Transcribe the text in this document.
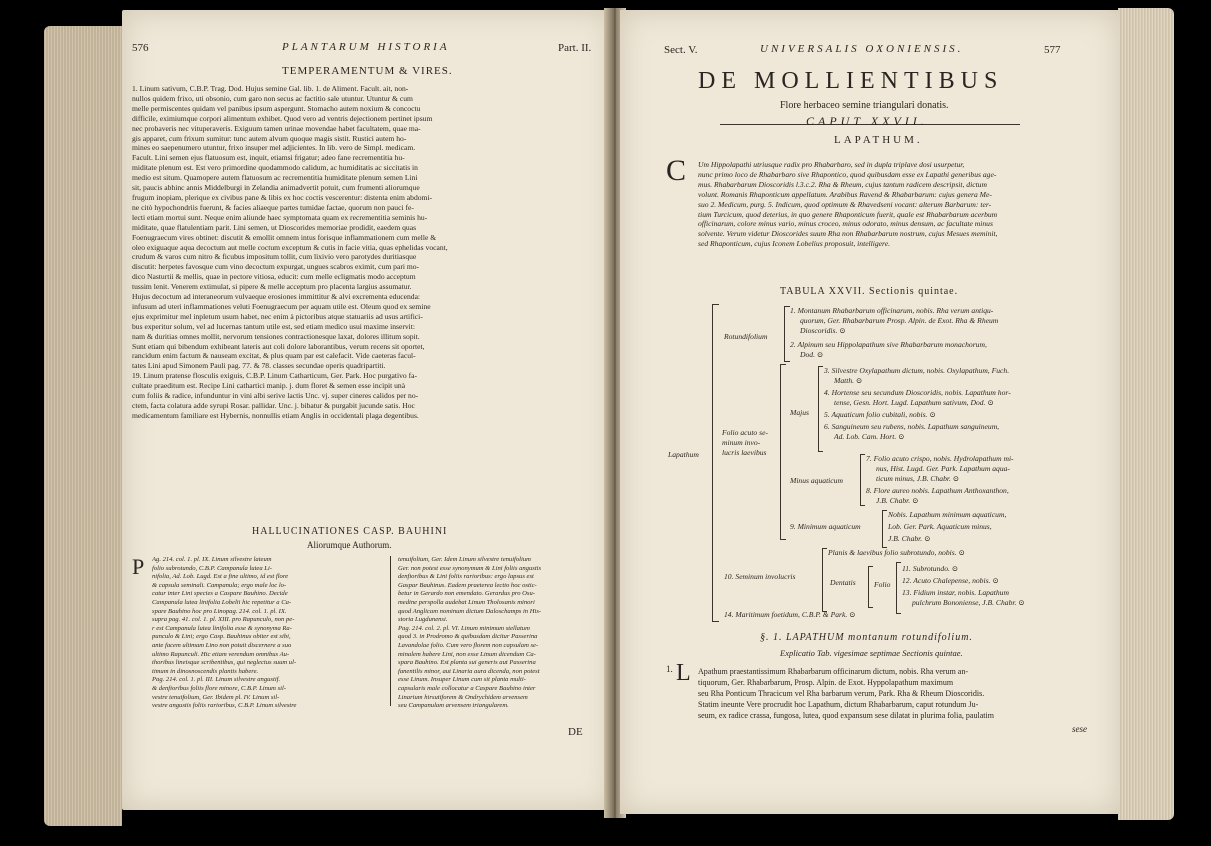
576	PLANTARUM HISTORIA	Part. II.
TEMPERAMENTUM & VIRES.
1. Linum sativum, C.B.P. Trag. Dod. Hujus semine Gal. lib. 1. de Aliment. Facult. ait, non-
nullos quidem frixo, uti obsonio, cum garo non secus ac factitio sale utuntur. Utuntur & cum
melle permiscentes quidam vel panibus ipsum aspergunt. Stomacho autem noxium & concoctu
difficile, eximiumque corpori alimentum exhibet. Quod vero ad ventris dejectionem pertinet ipsum
nec probaveris nec vituperaveris. Exiguum tamen urinae movendae habet facultatem, quae ma-
gis apparet, cum frixum sumitur: tunc autem alvum quoque magis sistit. Rustici autem ho-
mines eo saepenumero utuntur, frixo insuper mel adjicientes. In lib. vero de Simpl. medicam.
Facult. Lini semen ejus flatuosum est, inquit, etiamsi frigatur; adeo fane recrementitia hu-
miditate plenum est. Est vero primordine quodammodo calidum, ac humiditatis ac siccitatis in
medio est situm. Quamopere autem flatuosum ac recrementitia humiditate plenum semen Lini
sit, paucis abhinc annis Middelburgi in Zelandia animadvertit potuit, cum frumenti aliorumque
frugum inopiam, plerique ex civibus pane & libis ex hoc coctis vescerentur: distenta enim abdomi-
ne citò hypochondriis fuerunt, & facies aliaeque partes tumidae factae, quorum non pauci fe-
lecti etiam mortui sunt. Neque enim aliunde haec symptomata quam ex recrementitia seminis hu-
miditate, quae flatulentiam parit. Lini semen, ut Dioscorides memoriae prodidit, eaedem quas
Foenugraecum vires obtinet: discutit & emollit omnem intus forisque inflammationem cum melle &
oleo exiguaque aqua decoctum aut melle coctum exceptum & cutis in facie vitia, quas ephelidas vocant,
crudum & varos cum nitro & ficubus impositum tollit, cum lixivio vero parotydes duritiasque
discutit: herpetes favosque cum vino decoctum expurgat, ungues scabros eximit, cum pari mo-
dico Nasturtii & mellis, quae in pectore vitiosa, educit: cum melle ecligmatis modo acceptum
tussim lenit. Venerem extimulat, si pipere & melle acceptum pro placenta largius assumatur.
Hujus decoctum ad interaneorum vulvaeque erosiones immittitur & alvi excrementa educenda:
infusum ad uteri inflammationes veluti Foenugraecum per aquam utile est. Oleum quod ex semine
ejus exprimitur mel inpletum usum habet, nec enim à pictoribus atque statuariis ad usus artifici-
bus experitur solum, vel ad lucernas tantum utile est, sed etiam medico usui maxime inservit:
nam & duritias omnes mollit, nervorum tensiones contractionesque laxat, dolores illitum sopit.
Sunt etiam qui bibendum exhibeant lateris aut coli dolore laborantibus, verum recens sit oportet,
rancidum enim factum & nauseam excitat, & plus quam par est calefacit. Vide caeteras facul-
tates Lini apud Simonem Pauli pag. 77. & 78. classes secundae operis quadripartiti.
19. Linum pratense flosculis exiguis, C.B.P. Linum Catharticum, Ger. Park. Hoc purgativo fa-
cultate praeditum est. Recipe Lini cathartici manip. j. dum floret & semen esse incipit unà
cum foliis & radice, infunduntur in vini albi serive lactis Unc. vj. super cineres calidos per no-
ctem, facta colatura adde syrupi Rosar. pallidar. Unc. j. bibatur & purgabit jucunde satis. Hoc
medicamentum familiare est Hybernis, nonnullis etiam Anglis in occidentali plaga degentibus.
HALLUCINATIONES CASP. BAUHINI
Aliorumque Authorum.
P Ag. 214. col. 1. pl. IX. Linum silvestre lateum
folio subrotundo, C.B.P. Campanula lutea Li-
nifolia, Ad. Lob. Lugd. Est a fine ultimo, id est flore
& capsula seminali. Campanula; ergo male loc lo-
catur inter Lini species a Caspare Bauhino. Decide
Campanula lutea linifolia Lobelii hic repetitur a Ca-
spare Bauhino hoc pro Linopag. 214. col. 1. pl. IX.
supra pag. 41. col. 1. pl. XIII. pro Rapunculo, non pe-
r est Campanula lutea linifolia esse & synonyma Ra-
punculo & Lini; ergo Casp. Bauhinus obiter est sibi,
ante facem ultimam Lino non potuit discernere a suo
ultimo Rapunculi. Hic etiam verendum omnibus Au-
thoribus lineisque scribentibus, qui neglectus suum ul-
timum in dinosnoscendis plantis habere.
Pag. 214. col. 1. pl. III. Linum silvestre angustif.
& denfioribus foliis flore minore, C.B.P. Linum sil-
vestre tenuifolium, Ger. Ibidem pl. IV. Linum sil-
vestre angustis foliis rarioribus, C.B.P. Linum silvestre
tenuifolium, Ger. Idem Linum silvestre tenuifolium
Ger. non potest esse synonymum & Lini foliis angustis
denfioribus & Lini foliis rarioribus: ergo lapsus est
Gaspar Bauhinus. Eadem praeterea lectio hoc ostic-
betur in Gerardo non emendato. Gerardus pro Osu-
medine perspolla audebat Linum Tholosanis minori
quod Anglicam nominum dictum Daloschamps in His-
storia Lugdunensi.
Pag. 214. col. 2. pl. VI. Linum minimum stellatum
quod 3. in Prodromo & quibusdam dicitur Passerina
Lavandolae folio. Cum vero florem non capsulam se-
minalem habere Lini, non esse Linum dicendum Ca-
spara Bauhino. Est planta sui generis aut Passerina
fanentilis minor, aut Linaria aura dicenda, non potest
esse Linum. Insuper Linum cum sit planta multi-
capsularis male collocatur a Caspare Bauhino inter
Linarium hirsutiforem & Ondrychidem arvensem
seu Campanulam arvensem triangularem.
DE
Sect. V.	UNIVERSALIS OXONIENSIS.	577
DE MOLLIENTIBUS
Flore herbaceo semine triangulari donatis.
CAPUT XXVII.
LAPATHUM.
C Um Hippolapathi utriusque radix pro Rhabarbaro, sed in dupla triplave dosi usurpetur,
nunc primo loco de Rhabarbaro sive Rhapontico, quod quibusdam esse ex Lapathi generibus age-
mus. Rhabarbarum Dioscoridis l.3.c.2. Rha & Rheum, cujus tantum radicem descripsit, dictum
volunt. Romanis Rhaponticum appellatum. Arabibus Ravend & Rhabarbarum: cujus genera Me-
suo 2. Medicum, purg. 5. Indicum, quod optimum & Rhavedseni vocant: alterum Barbarum: ter-
tium Turcicum, quod deterius, in quo genere Rhaponticum fuerit, quale est Rhabarbarum acerbum
officinarum, colore minus vario, minus croceo, minus odorato, minus densum, ac facultate minus
solvente. Verum videtur Dioscorides suum Rha non Rhabarbarum nostrum, cujus Mesues meminit,
sed Rhaponticum, cujus Iconem Lobelius proposuit, intelligere.
TABULA XXVII. Sectionis quintae.
Lapathum
Rotundifolium
1. Montanum Rhabarbarum officinarum, nobis. Rha verum antiqu-
quorum, Ger. Rhabarbarum Prosp. Alpin. de Exot. Rha & Rheum
Dioscoridis. ⊙
2. Alpinum seu Hippolapathum sive Rhabarbarum monachorum,
Dod. ⊙
Folio acuto se-
minum invo-
lucris laevibus
Majus
3. Silvestre Oxylapathum dictum, nobis. Oxylapathum, Fuch.
Matth. ⊙
4. Hortense seu secundum Dioscoridis, nobis. Lapathum hor-
tense, Gesn. Hort. Lugd. Lapathum sativum, Dod. ⊙
5. Aquaticum folio cubitali, nobis. ⊙
6. Sanguineum seu rubens, nobis. Lapathum sanguineum,
Ad. Lob. Cam. Hort. ⊙
Minus aquaticum
7. Folio acuto crispo, nobis. Hydrolapathum mi-
nus, Hist. Lugd. Ger. Park. Lapathum aqua-
ticum minus, J.B. Chabr. ⊙
8. Flore aureo nobis. Lapathum Anthoxanthon,
J.B. Chabr. ⊙
9. Minimum aquaticum
Nobis. Lapathum minimum aquaticum,
Lob. Ger. Park. Aquaticum minus,
J.B. Chabr. ⊙
10. Seminum involucris
Planis & laevibus folio subrotundo, nobis. ⊙
Dentatis Folio
11. Subrotundo. ⊙
12. Acuto Chalepense, nobis. ⊙
13. Fidium instar, nobis. Lapathum
pulchrum Bononiense, J.B. Chabr. ⊙
14. Maritimum foetidum, C.B.P. & Park. ⊙
§. 1. LAPATHUM montanum rotundifolium.
Explicatio Tab. vigesimae septimae Sectionis quintae.
1. L Apathum praestantissimum Rhabarbarum officinarum dictum, nobis. Rha verum an-
tiquorum, Ger. Rhabarbarum, Prosp. Alpin. de Exot. Hyppolapathum maximum
seu Rha Ponticum Thracicum vel Rha barbarum verum, Park. Rha & Rheum Dioscoridis.
Statim ineunte Vere procrudit hoc Lapathum, dictum Rhabarbarum, caput rotundum Ju-
seum, ex radice crassa, fungosa, lutea, quod expansum sese dilatat in plurima folia, paulatim
sese
